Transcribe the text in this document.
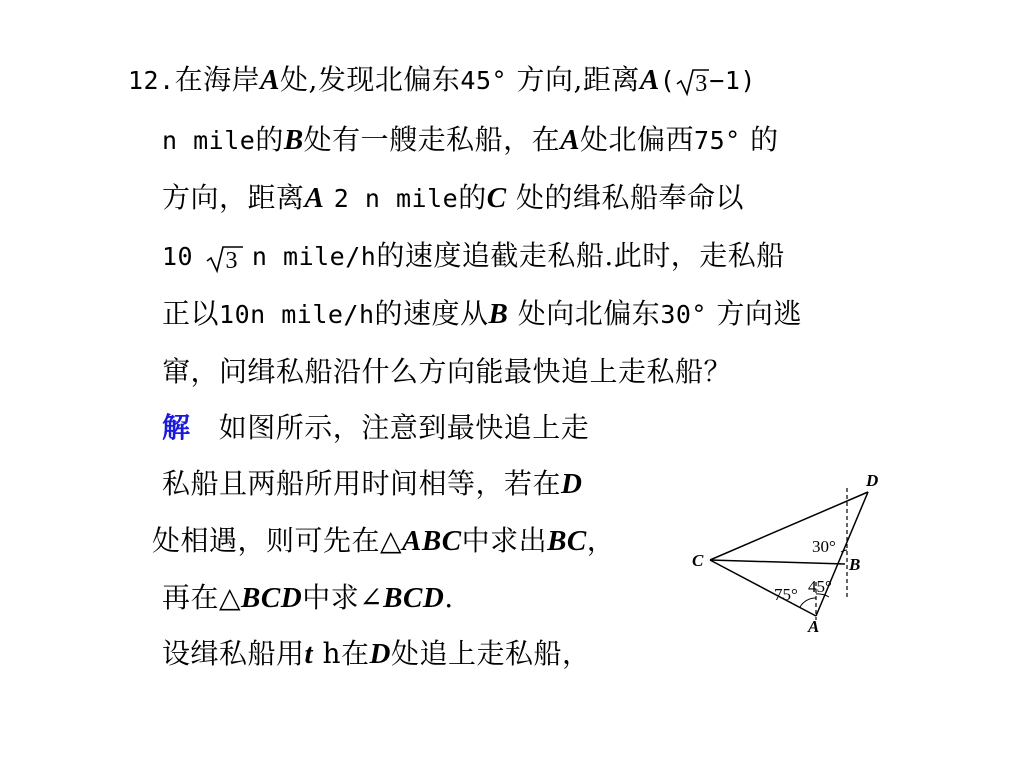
12.在海岸A处,发现北偏东45° 方向,距离A( 3 −1)
n mile的B处有一艘走私船，在A处北偏西75° 的
方向，距离A 2 n mile的C 处的缉私船奉命以
10 3 n mile/h的速度追截走私船.此时，走私船
正以10n mile/h的速度从B 处向北偏东30° 方向逃
窜，问缉私船沿什么方向能最快追上走私船？
解 如图所示，注意到最快追上走
私船且两船所用时间相等，若在D
处相遇，则可先在△ABC中求出BC，
再在△BCD中求∠BCD.
设缉私船用t h在D处追上走私船，
D
C	B
A
30°
45°
75°
